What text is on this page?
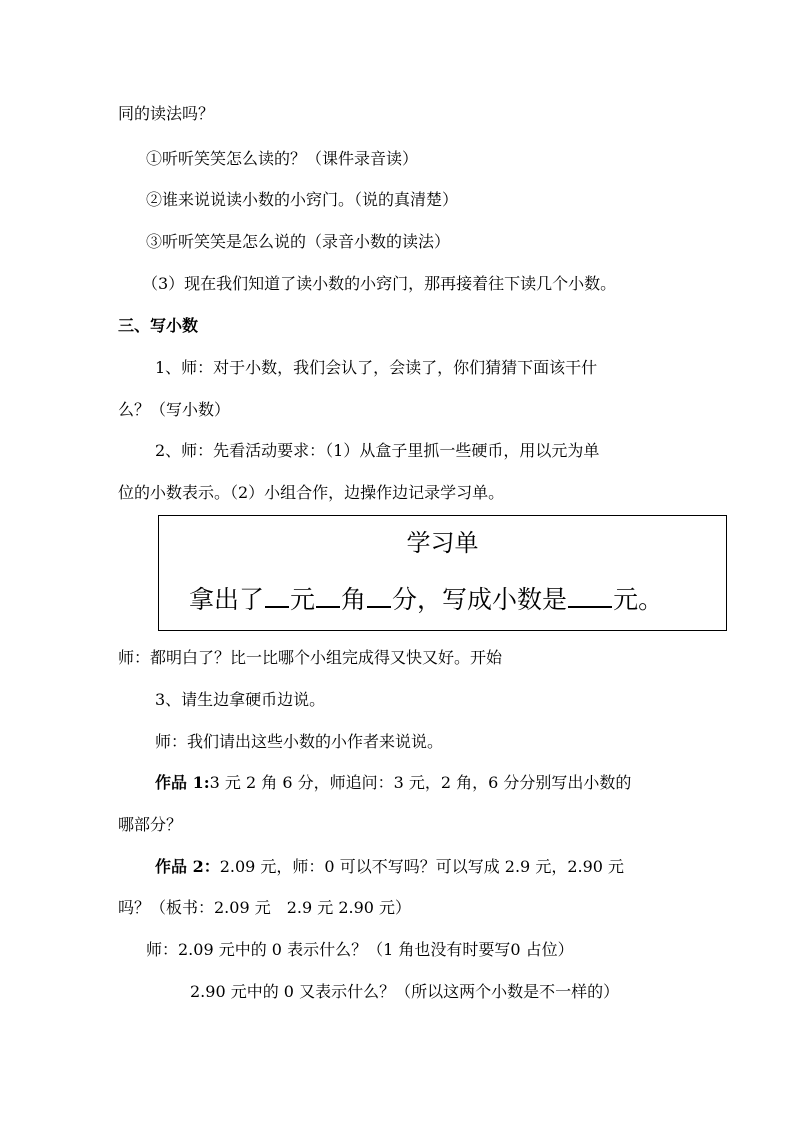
同的读法吗？
①听听笑笑怎么读的？（课件录音读）
②谁来说说读小数的小窍门。（说的真清楚）
③听听笑笑是怎么说的（录音小数的读法）
（3）现在我们知道了读小数的小窍门，那再接着往下读几个小数。
三、写小数
1、师：对于小数，我们会认了，会读了，你们猜猜下面该干什
么？（写小数）
2、师：先看活动要求：（1）从盒子里抓一些硬币，用以元为单
位的小数表示。（2）小组合作，边操作边记录学习单。
学习单
拿出了 元 角 分，写成小数是 元。
师：都明白了？比一比哪个小组完成得又快又好。开始
3、请生边拿硬币边说。
师：我们请出这些小数的小作者来说说。
作品 1:3 元 2 角 6 分，师追问：3 元，2 角，6 分分别写出小数的
哪部分？
作品 2：2.09 元，师：0 可以不写吗？可以写成 2.9 元，2.90 元
吗？（板书：2.09 元　2.9 元 2.90 元）
师：2.09 元中的 0 表示什么？（1 角也没有时要写0 占位）
2.90 元中的 0 又表示什么？（所以这两个小数是不一样的）
